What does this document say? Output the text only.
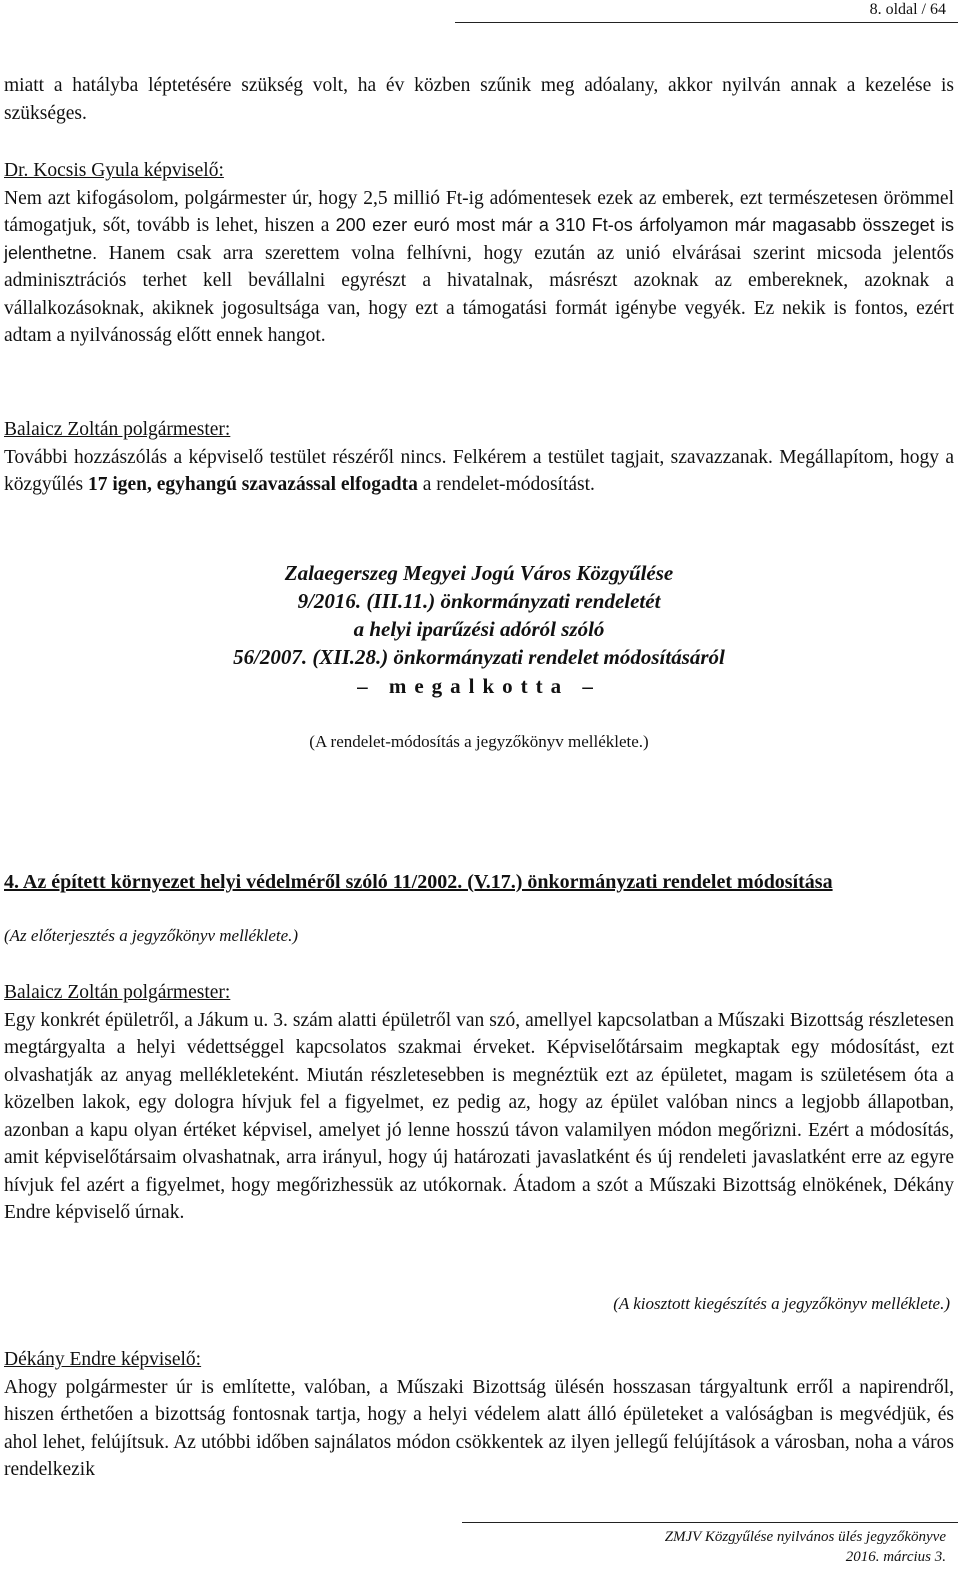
8. oldal / 64

miatt a hatályba léptetésére szükség volt, ha év közben szűnik meg adóalany, akkor nyilván annak a kezelése is szükséges.

Dr. Kocsis Gyula képviselő:
Nem azt kifogásolom, polgármester úr, hogy 2,5 millió Ft-ig adómentesek ezek az emberek, ezt természetesen örömmel támogatjuk, sőt, tovább is lehet, hiszen a 200 ezer euró most már a 310 Ft-os árfolyamon már magasabb összeget is jelenthetne. Hanem csak arra szerettem volna felhívni, hogy ezután az unió elvárásai szerint micsoda jelentős adminisztrációs terhet kell bevállalni egyrészt a hivatalnak, másrészt azoknak az embereknek, azoknak a vállalkozásoknak, akiknek jogosultsága van, hogy ezt a támogatási formát igénybe vegyék. Ez nekik is fontos, ezért adtam a nyilvánosság előtt ennek hangot.
Balaicz Zoltán polgármester:
További hozzászólás a képviselő testület részéről nincs. Felkérem a testület tagjait, szavazzanak. Megállapítom, hogy a közgyűlés 17 igen, egyhangú szavazással elfogadta a rendelet-módosítást.
Zalaegerszeg Megyei Jogú Város Közgyűlése
9/2016. (III.11.) önkormányzati rendeletét
a helyi iparűzési adóról szóló
56/2007. (XII.28.) önkormányzati rendelet módosításáról
– megalkotta –
(A rendelet-módosítás a jegyzőkönyv melléklete.)
4. Az épített környezet helyi védelméről szóló 11/2002. (V.17.) önkormányzati rendelet módosítása
(Az előterjesztés a jegyzőkönyv melléklete.)
Balaicz Zoltán polgármester:
Egy konkrét épületről, a Jákum u. 3. szám alatti épületről van szó, amellyel kapcsolatban a Műszaki Bizottság részletesen megtárgyalta a helyi védettséggel kapcsolatos szakmai érveket. Képviselőtársaim megkaptak egy módosítást, ezt olvashatják az anyag mellékleteként. Miután részletesebben is megnéztük ezt az épületet, magam is születésem óta a közelben lakok, egy dologra hívjuk fel a figyelmet, ez pedig az, hogy az épület valóban nincs a legjobb állapotban, azonban a kapu olyan értéket képvisel, amelyet jó lenne hosszú távon valamilyen módon megőrizni. Ezért a módosítás, amit képviselőtársaim olvashatnak, arra irányul, hogy új határozati javaslatként és új rendeleti javaslatként erre az egyre hívjuk fel azért a figyelmet, hogy megőrizhessük az utókornak. Átadom a szót a Műszaki Bizottság elnökének, Dékány Endre képviselő úrnak.
(A kiosztott kiegészítés a jegyzőkönyv melléklete.)
Dékány Endre képviselő:
Ahogy polgármester úr is említette, valóban, a Műszaki Bizottság ülésén hosszasan tárgyaltunk erről a napirendről, hiszen érthetően a bizottság fontosnak tartja, hogy a helyi védelem alatt álló épületeket a valóságban is megvédjük, és ahol lehet, felújítsuk. Az utóbbi időben sajnálatos módon csökkentek az ilyen jellegű felújítások a városban, noha a város rendelkezik
ZMJV Közgyűlése nyilvános ülés jegyzőkönyve
2016. március 3.
